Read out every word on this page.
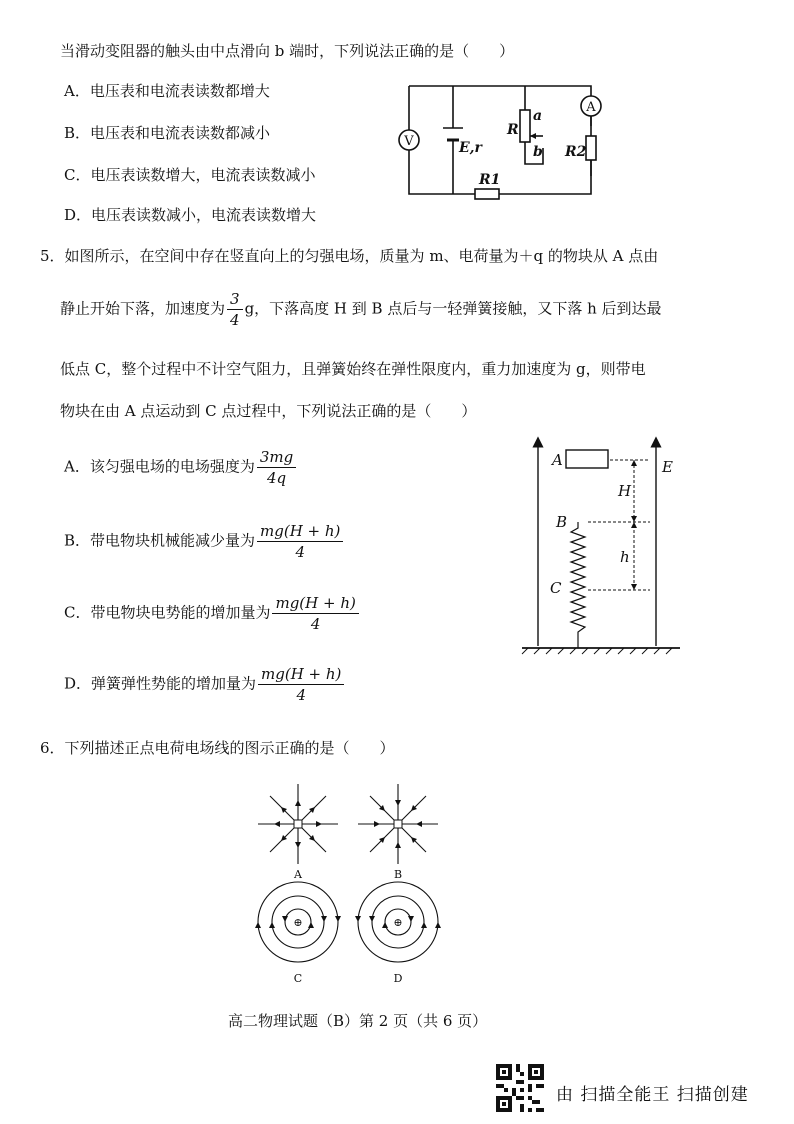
当滑动变阻器的触头由中点滑向 b 端时，下列说法正确的是（　　）
A．电压表和电流表读数都增大
B．电压表和电流表读数都减小
C．电压表读数增大，电流表读数减小
D．电压表读数减小，电流表读数增大
V
A
E,r
R
a
b R2
R1
5．如图所示，在空间中存在竖直向上的匀强电场，质量为 m、电荷量为＋q 的物块从 A 点由
静止开始下落，加速度为 $\frac{3}{4}$ g，下落高度 H 到 B 点后与一轻弹簧接触，又下落 h 后到达最
低点 C，整个过程中不计空气阻力，且弹簧始终在弹性限度内，重力加速度为 g，则带电
物块在由 A 点运动到 C 点过程中，下列说法正确的是（　　）
A．该匀强电场的电场强度为 $\frac{3mg}{4q}$
B．带电物块机械能减少量为 $\frac{mg(H + h)}{4}$
C．带电物块电势能的增加量为 $\frac{mg(H + h)}{4}$
D．弹簧弹性势能的增加量为 $\frac{mg(H + h)}{4}$
A
B
C
E
H
h
6．下列描述正点电荷电场线的图示正确的是（　　）
⊕	⊕
A	B
C	D
高二物理试题（B）第 2 页（共 6 页）
由 扫描全能王 扫描创建
